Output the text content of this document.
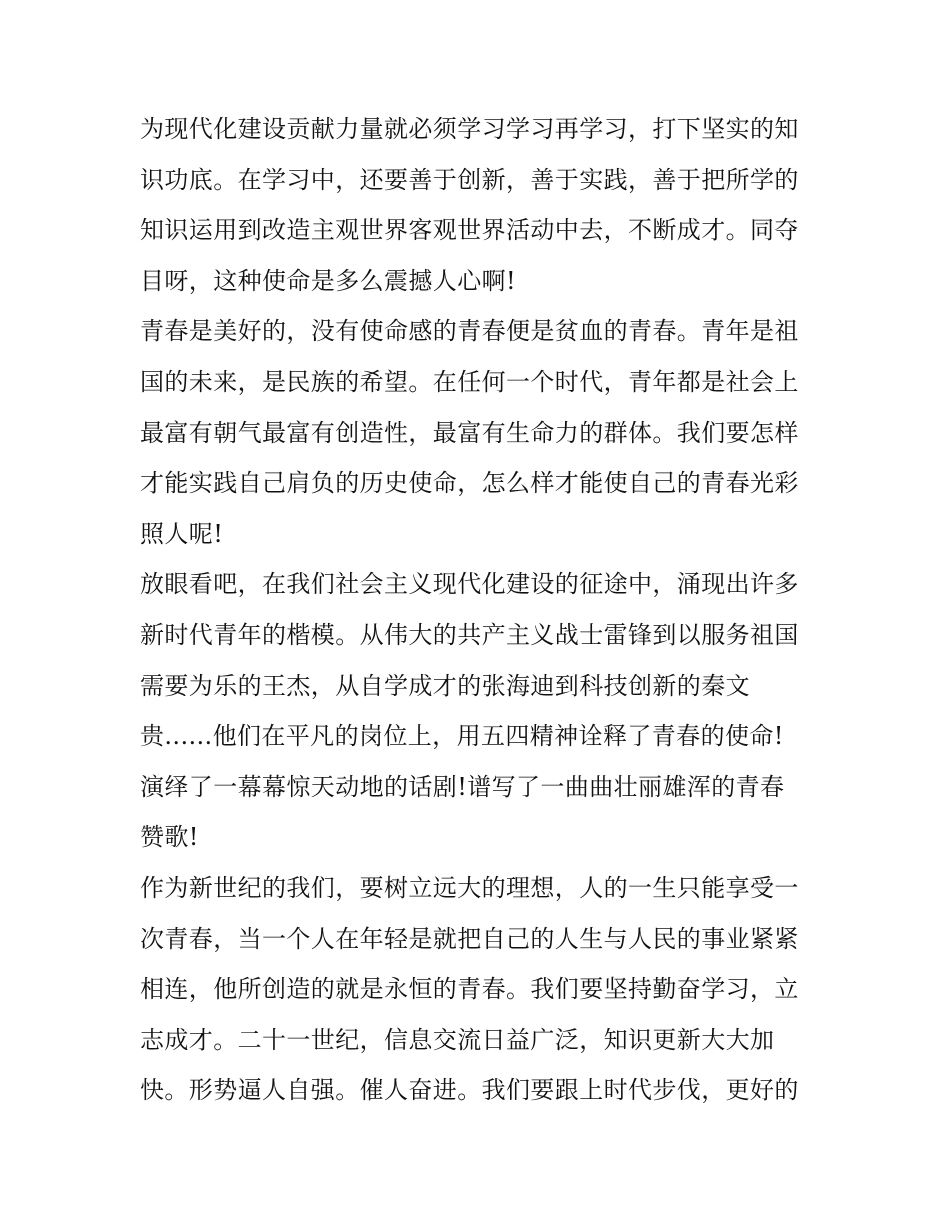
为现代化建设贡献力量就必须学习学习再学习，打下坚实的知
识功底。在学习中，还要善于创新，善于实践，善于把所学的
知识运用到改造主观世界客观世界活动中去，不断成才。同夺
目呀，这种使命是多么震撼人心啊!
青春是美好的，没有使命感的青春便是贫血的青春。青年是祖
国的未来，是民族的希望。在任何一个时代，青年都是社会上
最富有朝气最富有创造性，最富有生命力的群体。我们要怎样
才能实践自己肩负的历史使命，怎么样才能使自己的青春光彩
照人呢!
放眼看吧，在我们社会主义现代化建设的征途中，涌现出许多
新时代青年的楷模。从伟大的共产主义战士雷锋到以服务祖国
需要为乐的王杰，从自学成才的张海迪到科技创新的秦文
贵......他们在平凡的岗位上，用五四精神诠释了青春的使命!
演绎了一幕幕惊天动地的话剧!谱写了一曲曲壮丽雄浑的青春
赞歌!
作为新世纪的我们，要树立远大的理想，人的一生只能享受一
次青春，当一个人在年轻是就把自己的人生与人民的事业紧紧
相连，他所创造的就是永恒的青春。我们要坚持勤奋学习，立
志成才。二十一世纪，信息交流日益广泛，知识更新大大加
快。形势逼人自强。催人奋进。我们要跟上时代步伐，更好的
